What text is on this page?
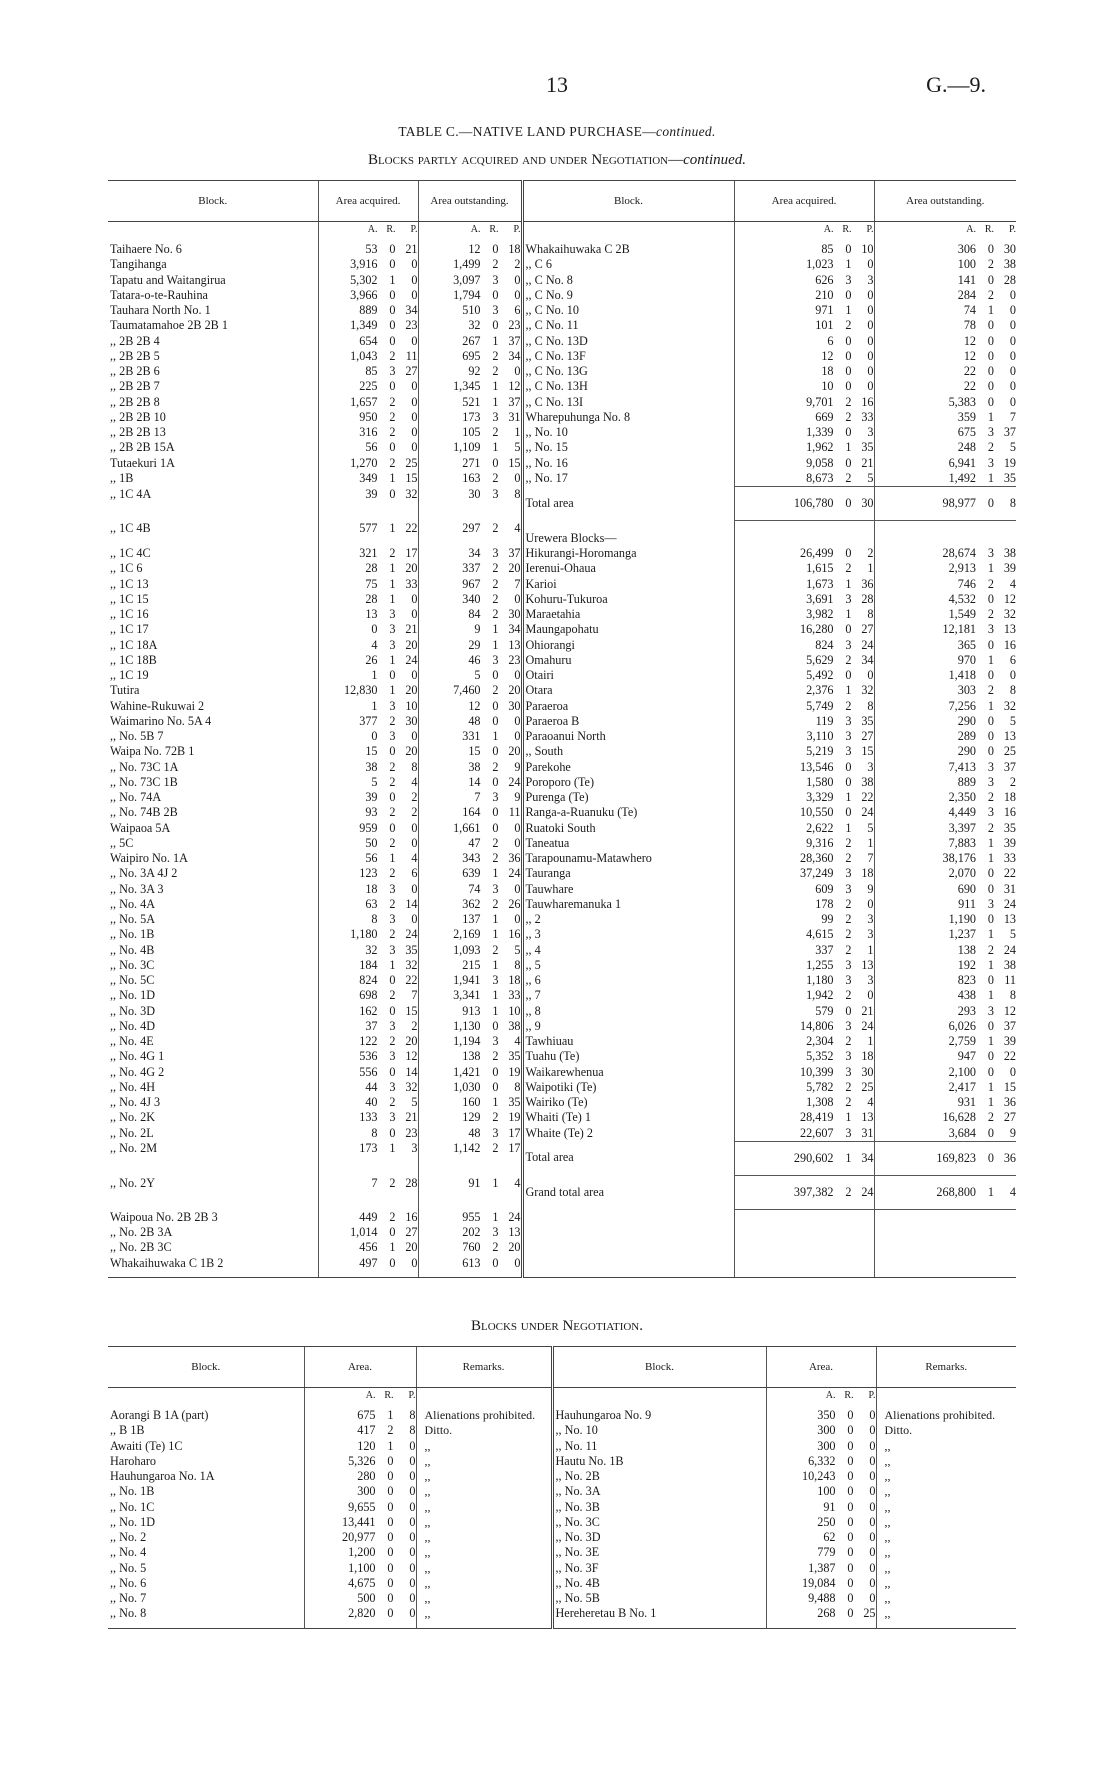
13	G.—9.
TABLE C.—NATIVE LAND PURCHASE—continued.
Blocks partly acquired and under Negotiation—continued.
Block.	Area acquired.	Area outstanding.	Block.	Area acquired.	Area outstanding.
	A. R. P.	A. R. P.		A. R. P.	A. R. P.
Taihaere No. 6	53 0 21	12 0 18	Whakaihuwaka C 2B	85 0 10	306 0 30
Tangihanga	3,916 0 0	1,499 2 2	,, C 6	1,023 1 0	100 2 38
Tapatu and Waitangirua	5,302 1 0	3,097 3 0	,, C No. 8	626 3 3	141 0 28
Tatara-o-te-Rauhina	3,966 0 0	1,794 0 0	,, C No. 9	210 0 0	284 2 0
Tauhara North No. 1	889 0 34	510 3 6	,, C No. 10	971 1 0	74 1 0
Taumatamahoe 2B 2B 1	1,349 0 23	32 0 23	,, C No. 11	101 2 0	78 0 0
,, 2B 2B 4	654 0 0	267 1 37	,, C No. 13D	6 0 0	12 0 0
,, 2B 2B 5	1,043 2 11	695 2 34	,, C No. 13F	12 0 0	12 0 0
,, 2B 2B 6	85 3 27	92 2 0	,, C No. 13G	18 0 0	22 0 0
,, 2B 2B 7	225 0 0	1,345 1 12	,, C No. 13H	10 0 0	22 0 0
,, 2B 2B 8	1,657 2 0	521 1 37	,, C No. 13I	9,701 2 16	5,383 0 0
,, 2B 2B 10	950 2 0	173 3 31	Wharepuhunga No. 8	669 2 33	359 1 7
,, 2B 2B 13	316 2 0	105 2 1	,, No. 10	1,339 0 3	675 3 37
,, 2B 2B 15A	56 0 0	1,109 1 5	,, No. 15	1,962 1 35	248 2 5
Tutaekuri 1A	1,270 2 25	271 0 15	,, No. 16	9,058 0 21	6,941 3 19
,, 1B	349 1 15	163 2 0	,, No. 17	8,673 2 5	1,492 1 35
,, 1C 4A	39 0 32	30 3 8	Total area	106,780 0 30	98,977 0 8
,, 1C 4B	577 1 22	297 2 4	Urewera Blocks—		
,, 1C 4C	321 2 17	34 3 37	Hikurangi-Horomanga	26,499 0 2	28,674 3 38
,, 1C 6	28 1 20	337 2 20	Ierenui-Ohaua	1,615 2 1	2,913 1 39
,, 1C 13	75 1 33	967 2 7	Karioi	1,673 1 36	746 2 4
,, 1C 15	28 1 0	340 2 0	Kohuru-Tukuroa	3,691 3 28	4,532 0 12
,, 1C 16	13 3 0	84 2 30	Maraetahia	3,982 1 8	1,549 2 32
,, 1C 17	0 3 21	9 1 34	Maungapohatu	16,280 0 27	12,181 3 13
,, 1C 18A	4 3 20	29 1 13	Ohiorangi	824 3 24	365 0 16
,, 1C 18B	26 1 24	46 3 23	Omahuru	5,629 2 34	970 1 6
,, 1C 19	1 0 0	5 0 0	Otairi	5,492 0 0	1,418 0 0
Tutira	12,830 1 20	7,460 2 20	Otara	2,376 1 32	303 2 8
Wahine-Rukuwai 2	1 3 10	12 0 30	Paraeroa	5,749 2 8	7,256 1 32
Waimarino No. 5A 4	377 2 30	48 0 0	Paraeroa B	119 3 35	290 0 5
,, No. 5B 7	0 3 0	331 1 0	Paraoanui North	3,110 3 27	289 0 13
Waipa No. 72B 1	15 0 20	15 0 20	,, South	5,219 3 15	290 0 25
,, No. 73C 1A	38 2 8	38 2 9	Parekohe	13,546 0 3	7,413 3 37
,, No. 73C 1B	5 2 4	14 0 24	Poroporo (Te)	1,580 0 38	889 3 2
,, No. 74A	39 0 2	7 3 9	Purenga (Te)	3,329 1 22	2,350 2 18
,, No. 74B 2B	93 2 2	164 0 11	Ranga-a-Ruanuku (Te)	10,550 0 24	4,449 3 16
Waipaoa 5A	959 0 0	1,661 0 0	Ruatoki South	2,622 1 5	3,397 2 35
,, 5C	50 2 0	47 2 0	Taneatua	9,316 2 1	7,883 1 39
Waipiro No. 1A	56 1 4	343 2 36	Tarapounamu-Matawhero	28,360 2 7	38,176 1 33
,, No. 3A 4J 2	123 2 6	639 1 24	Tauranga	37,249 3 18	2,070 0 22
,, No. 3A 3	18 3 0	74 3 0	Tauwhare	609 3 9	690 0 31
,, No. 4A	63 2 14	362 2 26	Tauwharemanuka 1	178 2 0	911 3 24
,, No. 5A	8 3 0	137 1 0	,, 2	99 2 3	1,190 0 13
,, No. 1B	1,180 2 24	2,169 1 16	,, 3	4,615 2 3	1,237 1 5
,, No. 4B	32 3 35	1,093 2 5	,, 4	337 2 1	138 2 24
,, No. 3C	184 1 32	215 1 8	,, 5	1,255 3 13	192 1 38
,, No. 5C	824 0 22	1,941 3 18	,, 6	1,180 3 3	823 0 11
,, No. 1D	698 2 7	3,341 1 33	,, 7	1,942 2 0	438 1 8
,, No. 3D	162 0 15	913 1 10	,, 8	579 0 21	293 3 12
,, No. 4D	37 3 2	1,130 0 38	,, 9	14,806 3 24	6,026 0 37
,, No. 4E	122 2 20	1,194 3 4	Tawhiuau	2,304 2 1	2,759 1 39
,, No. 4G 1	536 3 12	138 2 35	Tuahu (Te)	5,352 3 18	947 0 22
,, No. 4G 2	556 0 14	1,421 0 19	Waikarewhenua	10,399 3 30	2,100 0 0
,, No. 4H	44 3 32	1,030 0 8	Waipotiki (Te)	5,782 2 25	2,417 1 15
,, No. 4J 3	40 2 5	160 1 35	Wairiko (Te)	1,308 2 4	931 1 36
,, No. 2K	133 3 21	129 2 19	Whaiti (Te) 1	28,419 1 13	16,628 2 27
,, No. 2L	8 0 23	48 3 17	Whaite (Te) 2	22,607 3 31	3,684 0 9
,, No. 2M	173 1 3	1,142 2 17	Total area	290,602 1 34	169,823 0 36
,, No. 2Y	7 2 28	91 1 4	Grand total area	397,382 2 24	268,800 1 4
Waipoua No. 2B 2B 3	449 2 16	955 1 24			
,, No. 2B 3A	1,014 0 27	202 3 13			
,, No. 2B 3C	456 1 20	760 2 20			
Whakaihuwaka C 1B 2	497 0 0	613 0 0			

Blocks under Negotiation.
Block.	Area.	Remarks.	Block.	Area.	Remarks.
	A. R. P.			A. R. P.	
Aorangi B 1A (part)	675 1 8	Alienations prohibited.	Hauhungaroa No. 9	350 0 0	Alienations prohibited.
,, B 1B	417 2 8	Ditto.	,, No. 10	300 0 0	Ditto.
Awaiti (Te) 1C	120 1 0	,,	,, No. 11	300 0 0	,,
Haroharo	5,326 0 0	,,	Hautu No. 1B	6,332 0 0	,,
Hauhungaroa No. 1A	280 0 0	,,	,, No. 2B	10,243 0 0	,,
,, No. 1B	300 0 0	,,	,, No. 3A	100 0 0	,,
,, No. 1C	9,655 0 0	,,	,, No. 3B	91 0 0	,,
,, No. 1D	13,441 0 0	,,	,, No. 3C	250 0 0	,,
,, No. 2	20,977 0 0	,,	,, No. 3D	62 0 0	,,
,, No. 4	1,200 0 0	,,	,, No. 3E	779 0 0	,,
,, No. 5	1,100 0 0	,,	,, No. 3F	1,387 0 0	,,
,, No. 6	4,675 0 0	,,	,, No. 4B	19,084 0 0	,,
,, No. 7	500 0 0	,,	,, No. 5B	9,488 0 0	,,
,, No. 8	2,820 0 0	,,	Hereheretau B No. 1	268 0 25	,,
